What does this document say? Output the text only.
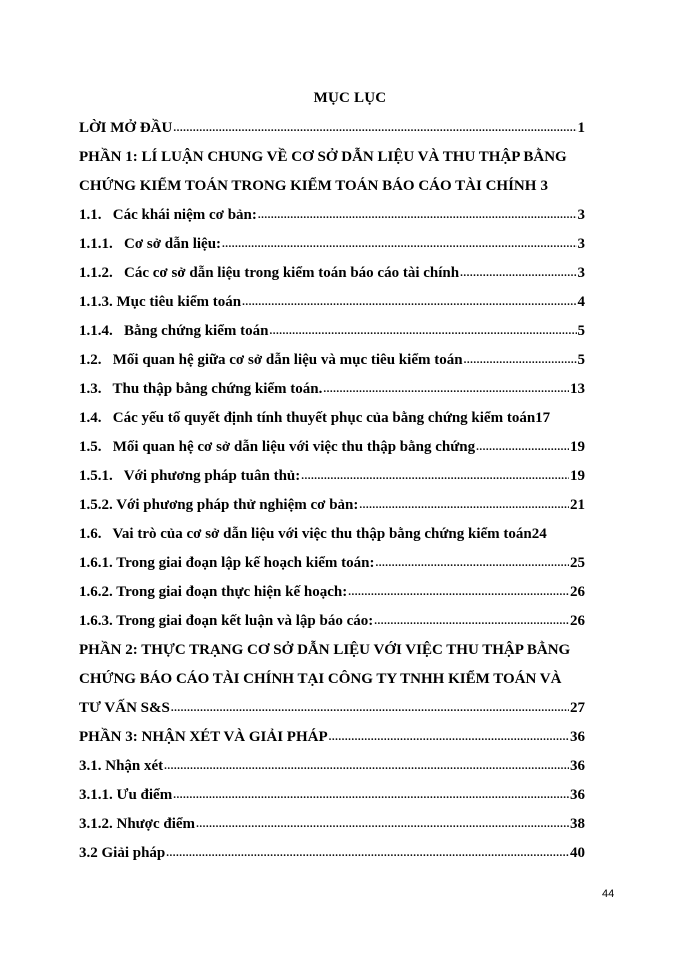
MỤC LỤC
LỜI MỞ ĐẦU .....	1
PHẦN 1: LÍ LUẬN CHUNG VỀ CƠ SỞ DẪN LIỆU VÀ THU THẬP BẰNG
CHỨNG KIỂM TOÁN TRONG KIỂM TOÁN BÁO CÁO TÀI CHÍNH 3
1.1.   Các khái niệm cơ bản: .....	3
1.1.1.   Cơ sở dẫn liệu: .....	3
1.1.2.   Các cơ sở dẫn liệu trong kiểm toán báo cáo tài chính .....	3
1.1.3. Mục tiêu kiểm toán .....	4
1.1.4.   Bằng chứng kiểm toán .....	5
1.2.   Mối quan hệ giữa cơ sở dẫn liệu và mục tiêu kiểm toán .....	5
1.3.   Thu thập bằng chứng kiểm toán. .....	13
1.4.   Các yếu tố quyết định tính thuyết phục của bằng chứng kiểm toán 17
1.5.   Mối quan hệ cơ sở dẫn liệu với việc thu thập bằng chứng .....	19
1.5.1.   Với phương pháp tuân thủ: .....	19
1.5.2. Với phương pháp thử nghiệm cơ bản: .....	21
1.6.   Vai trò của cơ sở dẫn liệu với việc thu thập bằng chứng kiểm toán 24
1.6.1. Trong giai đoạn lập kế hoạch kiểm toán: .....	25
1.6.2. Trong giai đoạn thực hiện kế hoạch: .....	26
1.6.3. Trong giai đoạn kết luận và lập báo cáo: .....	26
PHẦN 2: THỰC TRẠNG CƠ SỞ DẪN LIỆU VỚI VIỆC THU THẬP BẰNG
CHỨNG BÁO CÁO TÀI CHÍNH TẠI CÔNG TY TNHH KIỂM TOÁN VÀ
TƯ VẤN S&S .....	27
PHẦN 3: NHẬN XÉT VÀ GIẢI PHÁP .....	36
3.1. Nhận xét .....	36
3.1.1. Ưu điểm .....	36
3.1.2. Nhược điểm .....	38
3.2 Giải pháp .....	40
44
